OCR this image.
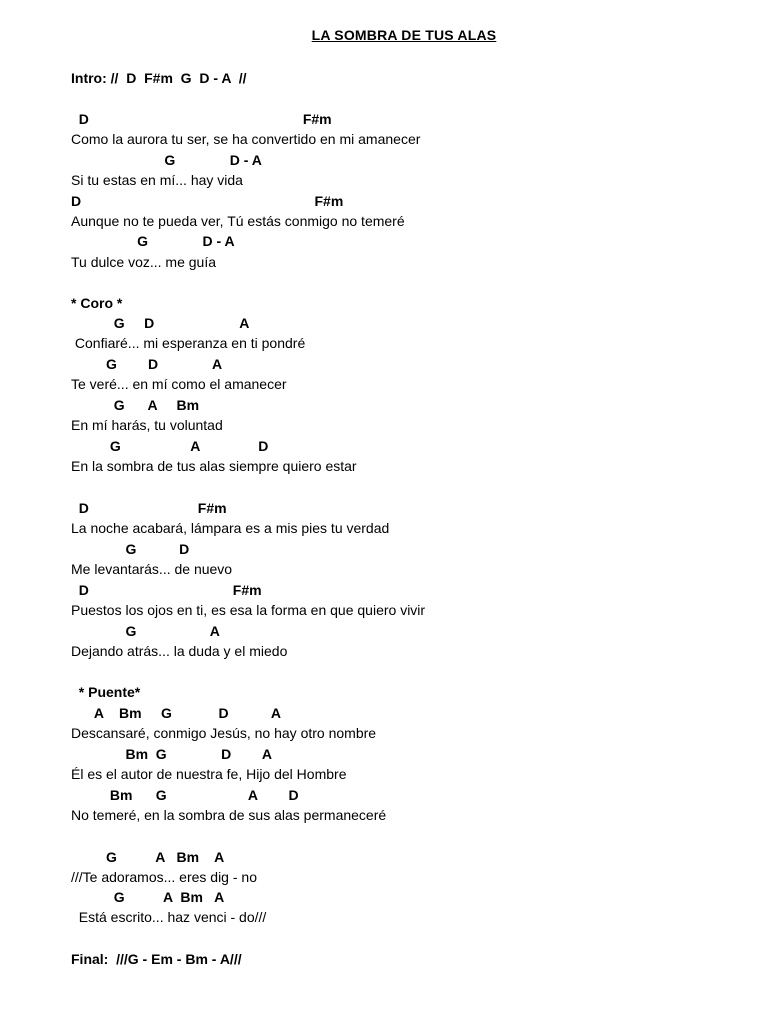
LA SOMBRA DE TUS ALAS
Intro: //  D  F#m  G  D - A  //
D                                                       F#m
Como la aurora tu ser, se ha convertido en mi amanecer
G              D - A
Si tu estas en mí... hay vida
D                                                            F#m
Aunque no te pueda ver, Tú estás conmigo no temeré
G              D - A
Tu dulce voz... me guía
* Coro *
G     D                      A
Confiaré... mi esperanza en ti pondré
G        D              A
Te veré... en mí como el amanecer
G      A     Bm
En mí harás, tu voluntad
G                  A               D
En la sombra de tus alas siempre quiero estar
D                            F#m
La noche acabará, lámpara es a mis pies tu verdad
G           D
Me levantarás... de nuevo
D                                     F#m
Puestos los ojos en ti, es esa la forma en que quiero vivir
G                   A
Dejando atrás... la duda y el miedo
* Puente*
A    Bm     G            D           A
Descansaré, conmigo Jesús, no hay otro nombre
Bm  G              D        A
Él es el autor de nuestra fe, Hijo del Hombre
Bm      G                     A        D
No temeré, en la sombra de sus alas permaneceré
G          A   Bm    A
///Te adoramos... eres dig - no
G          A  Bm   A
Está escrito... haz venci - do///
Final:  ///G - Em - Bm - A///
